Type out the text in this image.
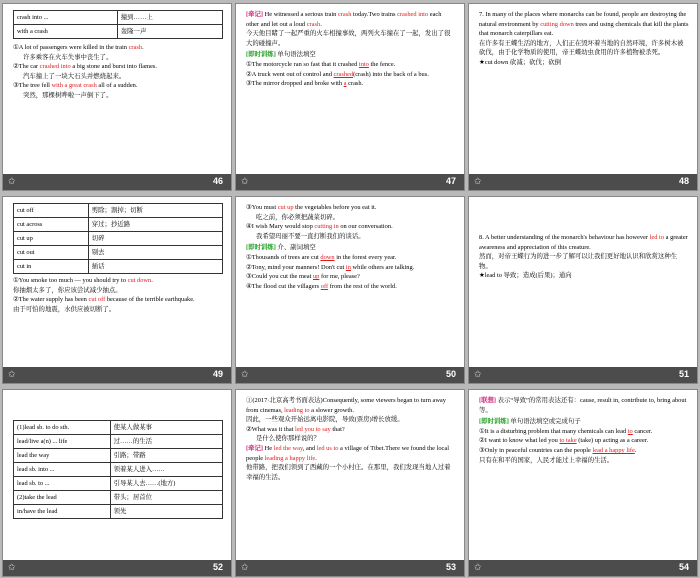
crash into ...	撞到……上
with a crash	轰隆一声

①A lot of passengers were killed in the train crash.

许多乘客在火车失事中丧生了。

②The car crashed into a big stone and burst into flames.

汽车撞上了一块大石头并燃烧起来。

③The tree fell with a great crash all of a sudden.

突然，那棵树哗啦一声倒下了。

✩	46

[牵记] He witnessed a serious train crash today.Two trains crashed into each other and let out a loud crash.

今天他目睹了一起严重的火车相撞事故，两列火车撞在了一起，发出了很大的碰撞声。

[即时训练] 单句语法填空

①The motorcycle ran so fast that it crashed into the fence.

②A truck went out of control and crashed(crash) into the back of a bus.

③The mirror dropped and broke with a crash.

✩	47

7. In many of the places where monarchs can be found, people are destroying the natural environment by cutting down trees and using chemicals that kill the plants that monarch caterpillars eat.

在许多有王蝶生活的地方，人们正在毁坏着当地的自然环境，许多树木被砍伐，由于化学物质的使用，帝王蝶幼虫食用的许多植物被杀死。

★cut down 砍减；砍伐；砍倒

✩	48
cut off	剪除；割掉；切断
cut across	穿过；抄近路
cut up	切碎
cut out	剔去
cut in	插话

①You smoke too much — you should try to cut down.

你抽烟太多了，你应该尝试减少抽点。

②The water supply has been cut off because of the terrible earthquake.

由于可怕的地震，水供应被切断了。

✩	49

③You must cut up the vegetables before you eat it.

吃之前，你必须把蔬菜切碎。

④I wish Mary would stop cutting in on our conversation.

我希望玛丽不要一直打断我们的谈话。

[即时训练] 介、副词填空

①Thousands of trees are cut down in the forest every year.

②Tony, mind your manners! Don't cut in while others are talking.

③Could you cut the meat up for me, please?

④The flood cut the villagers off from the rest of the world.

✩	50

8. A better understanding of the monarch's behaviour has however led to a greater awareness and appreciation of this creature.

然而，对帝王蝶行为的进一步了解可以让我们更好地认识和欣赏这种生物。

★lead to 导致；造成(后果)；通向

✩	51
(1)lead sb. to do sth.	使某人做某事
lead/live a(n) ... life	过……的生活
lead the way	引路；带路
lead sb. into ...	领着某人进入……
lead sb. to ...	引导某人去……(地方)
(2)take the lead	带头；居首位
in/have the lead	领先
✩	52

①(2017·北京高考书面表达)Consequently, some viewers began to turn away from cinemas, leading to a slower growth.

因此，一些观众开始远离电影院，导致(票房)增长放缓。

②What was it that led you to say that?

是什么使你那样说的？

[牵记] He led the way, and led us to a village of Tibet.There we found the local people leading a happy life.

他带路，把我们领到了西藏的一个小村庄。在那里，我们发现当地人过着幸福的生活。

✩	53

[联想] 表示“导致”的常用表达还有：cause, result in, contribute to, bring about 等。

[即时训练] 单句语法填空或完成句子

①It is a disturbing problem that many chemicals can lead to cancer.

②I want to know what led you to take (take) up acting as a career.

③Only in peaceful countries can the people lead a happy life.

只有在和平的国家，人民才能过上幸福的生活。

✩	54
